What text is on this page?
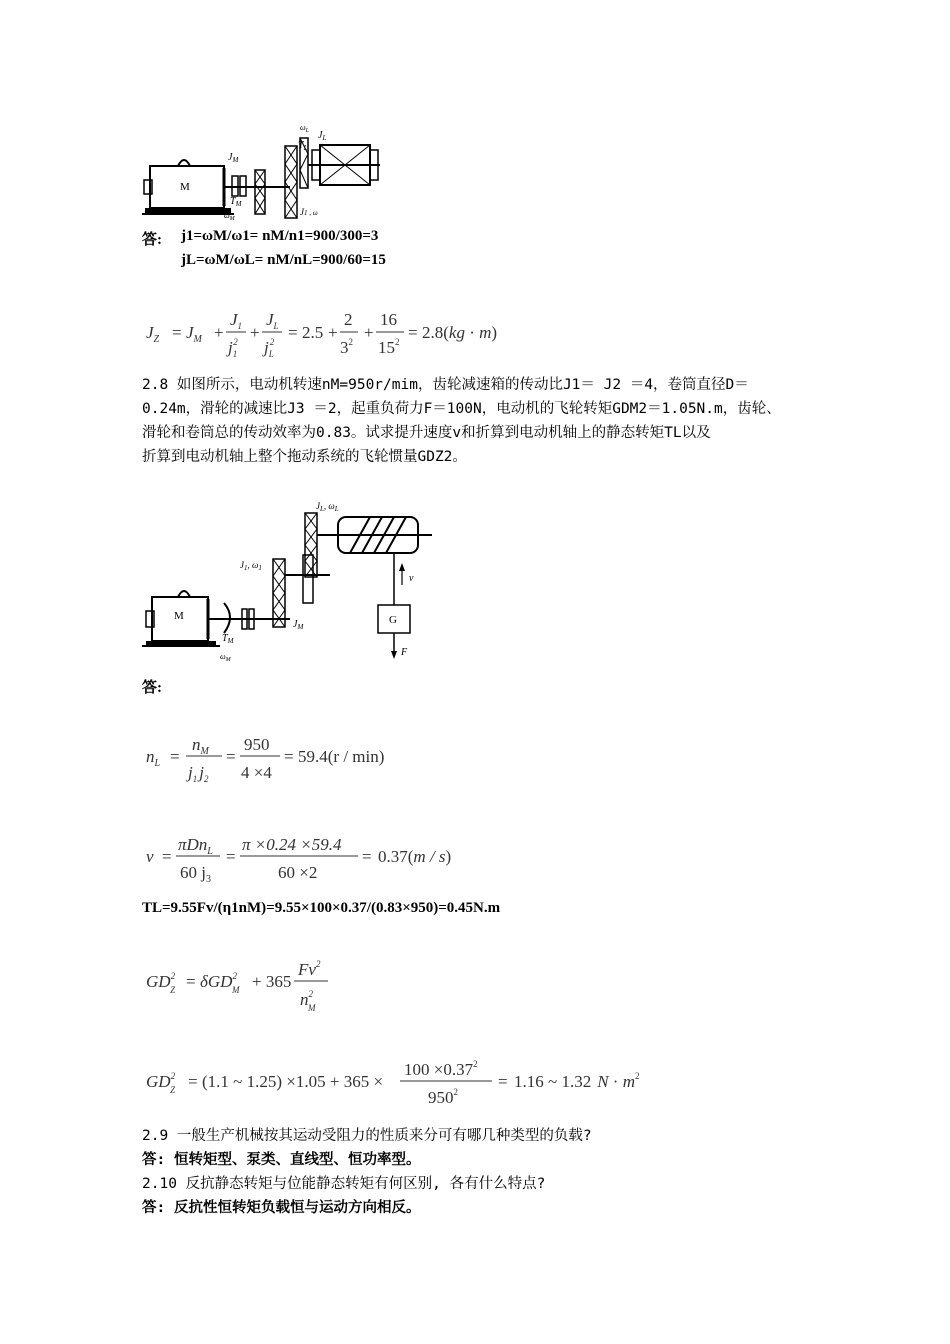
M
$J_M$
$T_M$
$\omega_M$
$\omega_L$
$T_L$
$J_L$
J1 , ω
答: j1=ωM/ω1= nM/n1=900/300=3
jL=ωM/ωL= nM/nL=900/60=15
$J_Z = J_M$ +
$J_1$
$j_12$ +
$J_L$
$j_L2 = 2.5$ +
2
$3^2$ +
16
$15^2 = 2.8(kg \cdot m)$
2.8 如图所示，电动机转速nM=950r/mim，齿轮减速箱的传动比J1＝ J2 ＝4，卷筒直径D＝
0.24m，滑轮的减速比J3 ＝2，起重负荷力F＝100N，电动机的飞轮转矩GDM2＝1.05N.m，齿轮、
滑轮和卷筒总的传动效率为0.83。试求提升速度v和折算到电动机轴上的静态转矩TL以及
折算到电动机轴上整个拖动系统的飞轮惯量GDZ2。
M
v
G
F
$J_L$, $\omega_L$
$J_1$, $\omega_1$
$T_M$
$\omega_M$
$J_M$
答:
$n_L$ =
$n_M$
$j_1$ $j_2$
=
950
4 ×4
= 59.4(r / min)
v =
πDn$_L$
60 $j_3$
=
π ×0.24 ×59.4
60 ×2
= 0.37(m / s)
TL=9.55Fv/(η1nM)=9.55×100×0.37/(0.83×950)=0.45N.m
$GD^2$ Z = δGD$^2$ M + 365
Fv$^2$
$n^2$ M
$GD^2$ Z = (1.1 ~ 1.25) ×1.05 + 365 ×
$100 \times 0.37^2$
$950^2$
= 1.16 ~ 1.32 $N \cdot m^2$
2.9 一般生产机械按其运动受阻力的性质来分可有哪几种类型的负载?
答: 恒转矩型、泵类、直线型、恒功率型。
2.10 反抗静态转矩与位能静态转矩有何区别, 各有什么特点?
答: 反抗性恒转矩负载恒与运动方向相反。
